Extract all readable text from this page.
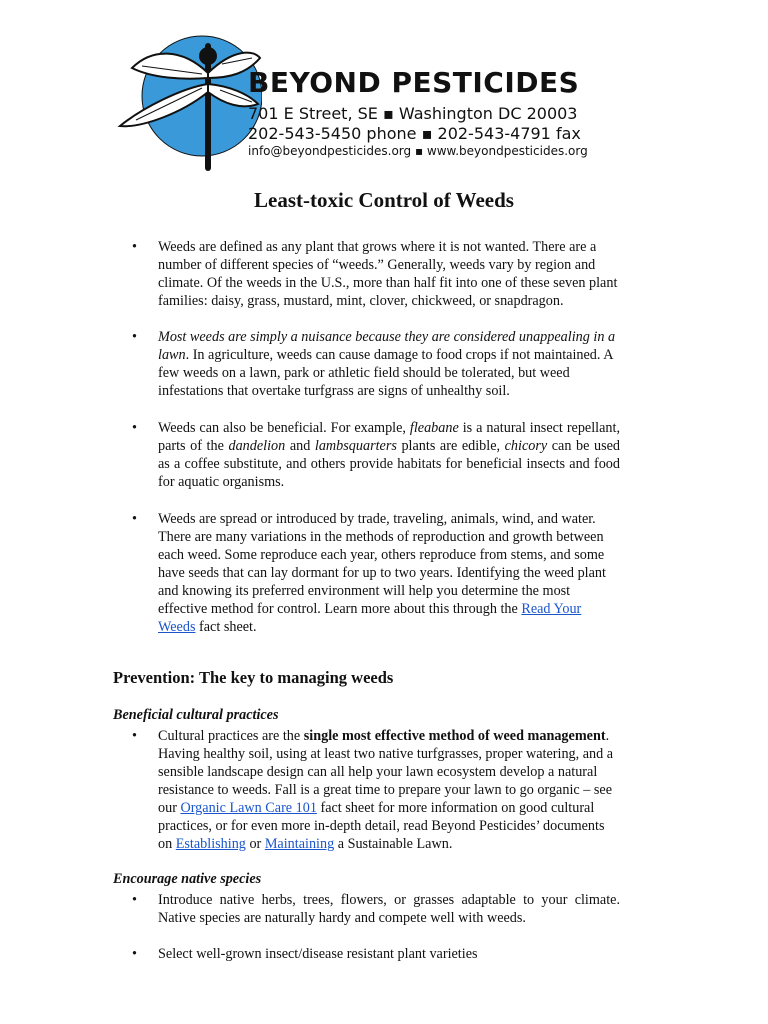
BEYOND PESTICIDES
701 E Street, SE ▪ Washington DC 20003
202-543-5450 phone ▪ 202-543-4791 fax
info@beyondpesticides.org ▪ www.beyondpesticides.org
Least-toxic Control of Weeds
• Weeds are defined as any plant that grows where it is not wanted. There are a number of different species of “weeds.” Generally, weeds vary by region and climate. Of the weeds in the U.S., more than half fit into one of these seven plant families: daisy, grass, mustard, mint, clover, chickweed, or snapdragon.
• Most weeds are simply a nuisance because they are considered unappealing in a lawn. In agriculture, weeds can cause damage to food crops if not maintained. A few weeds on a lawn, park or athletic field should be tolerated, but weed infestations that overtake turfgrass are signs of unhealthy soil.
• Weeds can also be beneficial. For example, fleabane is a natural insect repellant, parts of the dandelion and lambsquarters plants are edible, chicory can be used as a coffee substitute, and others provide habitats for beneficial insects and food for aquatic organisms.
• Weeds are spread or introduced by trade, traveling, animals, wind, and water. There are many variations in the methods of reproduction and growth between each weed. Some reproduce each year, others reproduce from stems, and some have seeds that can lay dormant for up to two years. Identifying the weed plant and knowing its preferred environment will help you determine the most effective method for control. Learn more about this through the Read Your Weeds fact sheet.
Prevention: The key to managing weeds
Beneficial cultural practices
• Cultural practices are the single most effective method of weed management. Having healthy soil, using at least two native turfgrasses, proper watering, and a sensible landscape design can all help your lawn ecosystem develop a natural resistance to weeds. Fall is a great time to prepare your lawn to go organic – see our Organic Lawn Care 101 fact sheet for more information on good cultural practices, or for even more in-depth detail, read Beyond Pesticides’ documents on Establishing or Maintaining a Sustainable Lawn.
Encourage native species
• Introduce native herbs, trees, flowers, or grasses adaptable to your climate. Native species are naturally hardy and compete well with weeds.
• Select well-grown insect/disease resistant plant varieties
